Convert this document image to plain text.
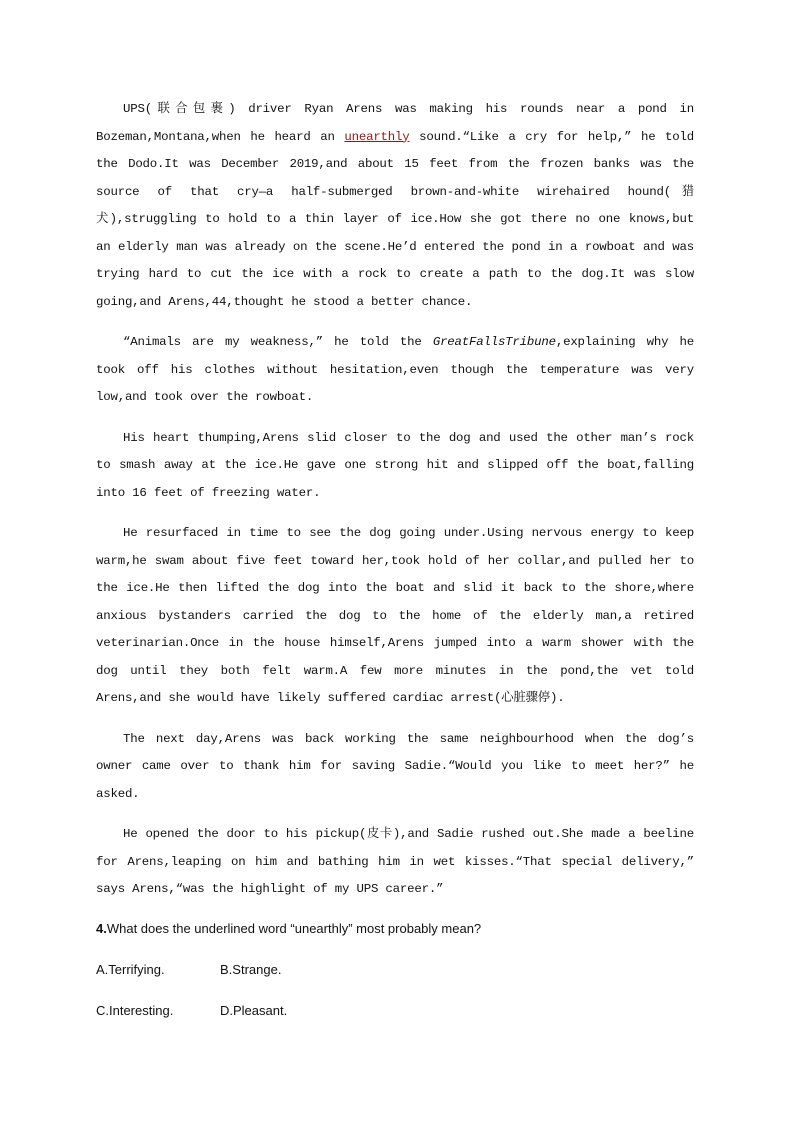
UPS(联合包裹) driver Ryan Arens was making his rounds near a pond in Bozeman,Montana,when he heard an unearthly sound.“Like a cry for help,” he told the Dodo.It was December 2019,and about 15 feet from the frozen banks was the source of that cry—a half-submerged brown-and-white wirehaired hound(猎犬),struggling to hold to a thin layer of ice.How she got there no one knows,but an elderly man was already on the scene.He’d entered the pond in a rowboat and was trying hard to cut the ice with a rock to create a path to the dog.It was slow going,and Arens,44,thought he stood a better chance.

“Animals are my weakness,” he told the GreatFallsTribune,explaining why he took off his clothes without hesitation,even though the temperature was very low,and took over the rowboat.

His heart thumping,Arens slid closer to the dog and used the other man’s rock to smash away at the ice.He gave one strong hit and slipped off the boat,falling into 16 feet of freezing water.

He resurfaced in time to see the dog going under.Using nervous energy to keep warm,he swam about five feet toward her,took hold of her collar,and pulled her to the ice.He then lifted the dog into the boat and slid it back to the shore,where anxious bystanders carried the dog to the home of the elderly man,a retired veterinarian.Once in the house himself,Arens jumped into a warm shower with the dog until they both felt warm.A few more minutes in the pond,the vet told Arens,and she would have likely suffered cardiac arrest(心脏骤停).

The next day,Arens was back working the same neighbourhood when the dog’s owner came over to thank him for saving Sadie.“Would you like to meet her?” he asked.

He opened the door to his pickup(皮卡),and Sadie rushed out.She made a beeline for Arens,leaping on him and bathing him in wet kisses.“That special delivery,” says Arens,“was the highlight of my UPS career.”

4.What does the underlined word “unearthly” most probably mean?

A.Terrifying.	B.Strange.
C.Interesting.	D.Pleasant.
